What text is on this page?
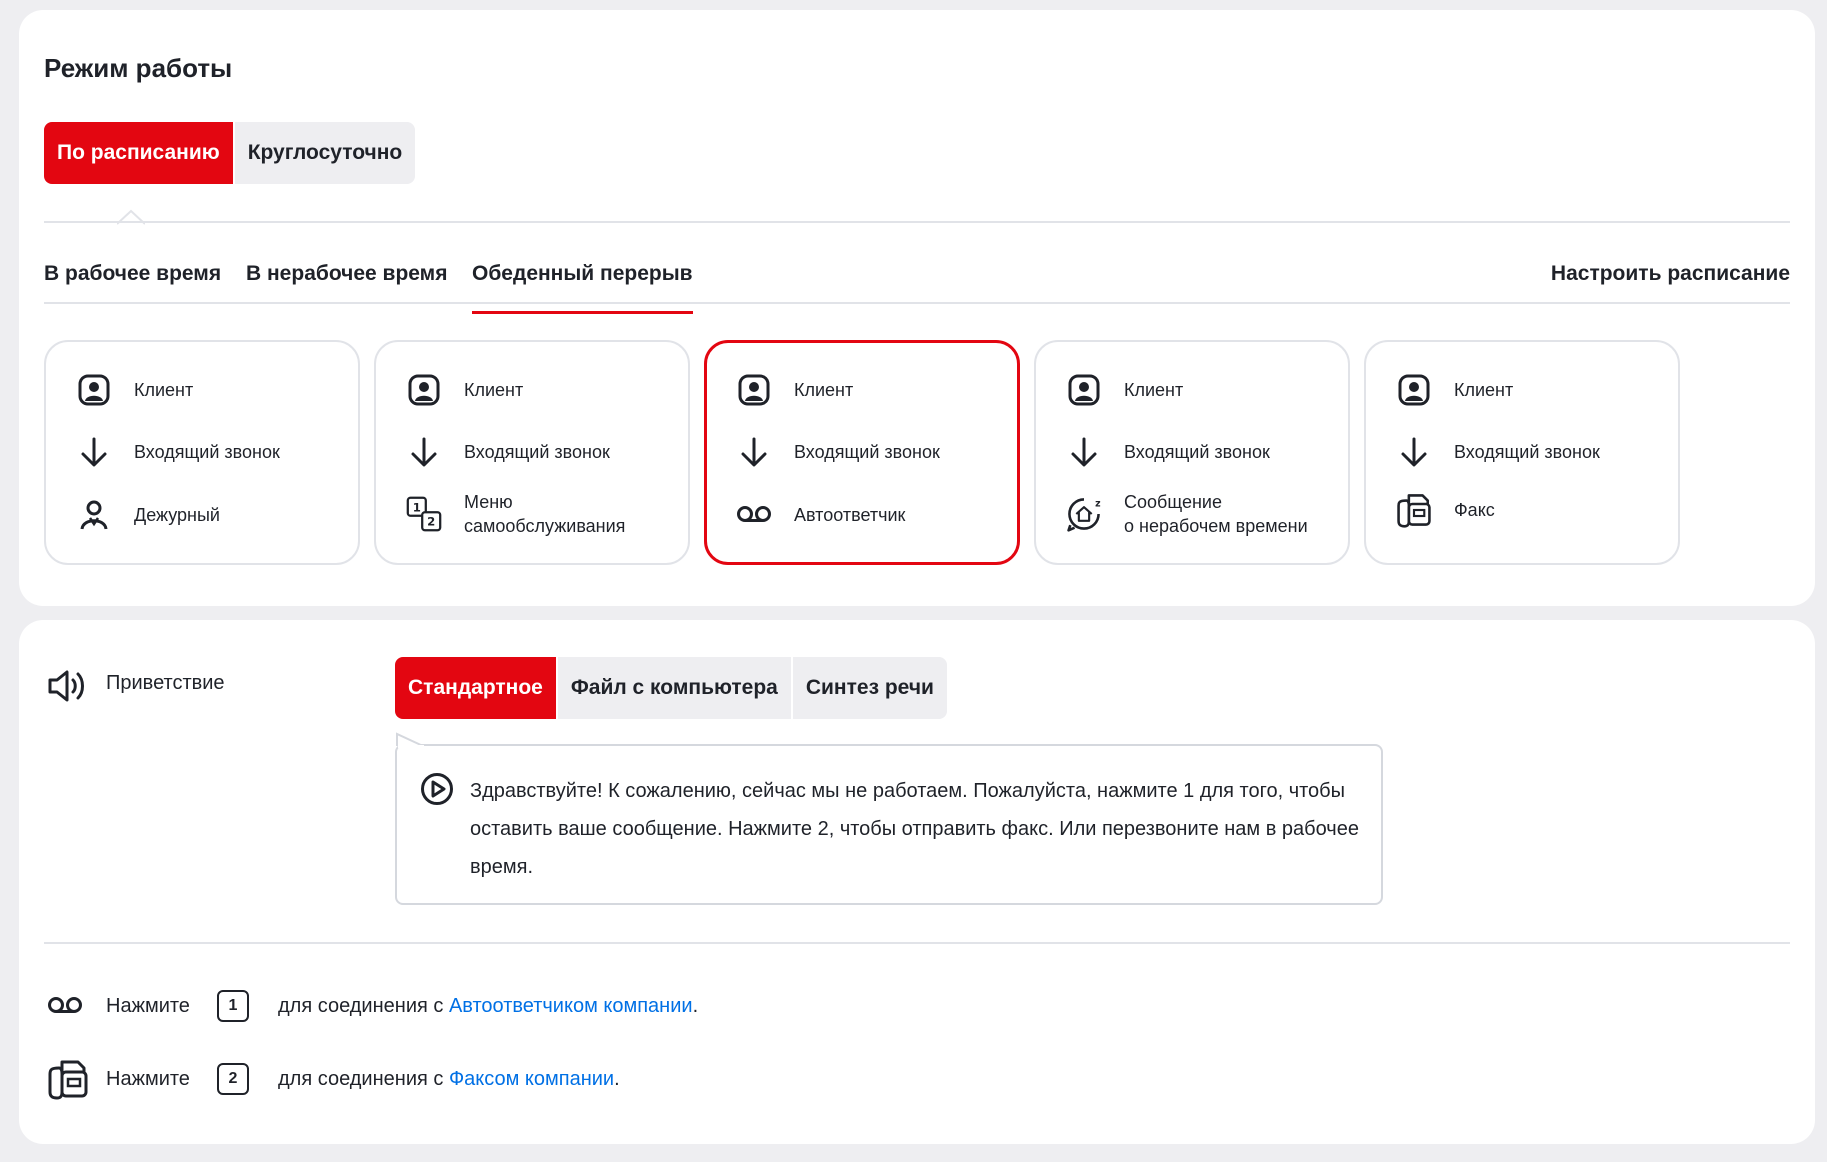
Режим работы
По расписанию	Круглосуточно
В рабочее время В нерабочее время Обеденный перерыв	Настроить расписание
Клиент
Входящий звонок
Дежурный
Клиент
Входящий звонок
1
2
Меню
самообслуживания
Клиент
Входящий звонок
Автоответчик
Клиент
Входящий звонок
z Сообщение
о нерабочем времени
Клиент
Входящий звонок
Факс
Приветствие	Стандартное	Файл с компьютера	Синтез речи
Здравствуйте! К сожалению, сейчас мы не работаем. Пожалуйста, нажмите 1 для того, чтобы оставить ваше сообщение. Нажмите 2, чтобы отправить факс. Или перезвоните нам в рабочее время.
Нажмите	1	для соединения с Автоответчиком компании.
Нажмите	2	для соединения с Факсом компании.
